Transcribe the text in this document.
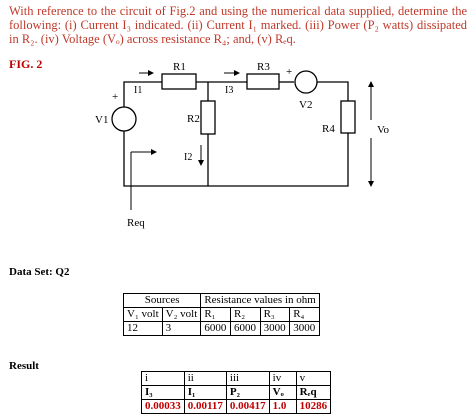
With reference to the circuit of Fig.2 and using the numerical data supplied, determine the following: (i) Current I₃ indicated. (ii) Current I₁ marked. (iii) Power (P₂ watts) dissipated in R₂. (iv) Voltage (Vₒ) across resistance R₄; and, (v) Rₑq.
FIG. 2	R1	R3
R2
R4
V1
V2
I1	I3
I2
Vo
Req
+
+
Data Set: Q2
Sources		Resistance values in ohm			
V₁ volt	V₂ volt	R₁	R₂	R₃	R₄
12	3	6000	6000	3000	3000
Result
i	ii	iii	iv	v
I₃	I₁	P₂	Vₒ	Rₑq
0.00033	0.00117	0.00417	1.0	10286
